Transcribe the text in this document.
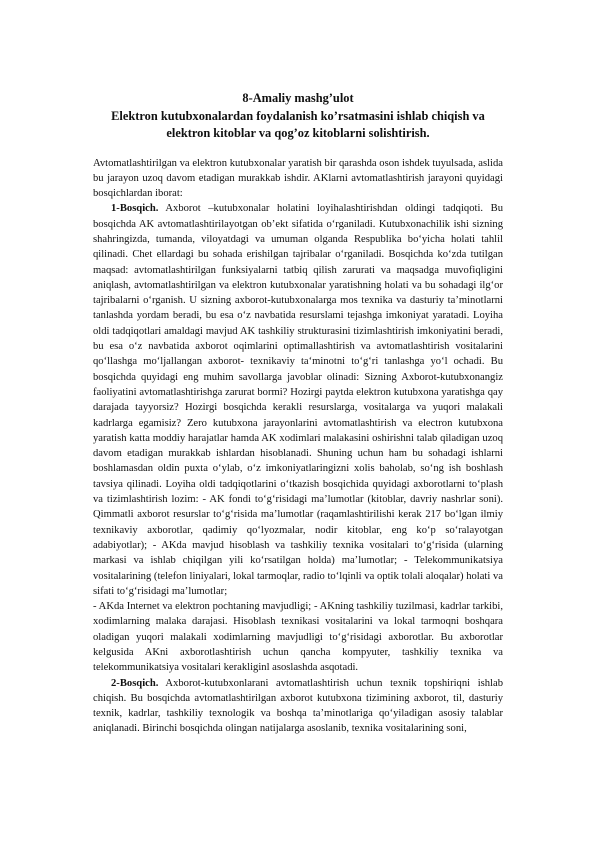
8-Amaliy mashg’ulot
Elektron kutubxonalardan foydalanish ko’rsatmasini ishlab chiqish va
elektron kitoblar va qog’oz kitoblarni solishtirish.

Avtomatlashtirilgan va elektron kutubxonalar yaratish bir qarashda oson ishdek tuyulsada, aslida bu jarayon uzoq davom etadigan murakkab ishdir. AKlarni avtomatlashtirish jarayoni quyidagi bosqichlardan iborat:

1-Bosqich. Axborot –kutubxonalar holatini loyihalashtirishdan oldingi tadqiqoti. Bu bosqichda AK avtomatlashtirilayotgan ob’ekt sifatida o‘rganiladi. Kutubxonachilik ishi sizning shahringizda, tumanda, viloyatdagi va umuman olganda Respublika bo‘yicha holati tahlil qilinadi. Chet ellardagi bu sohada erishilgan tajribalar o‘rganiladi. Bosqichda ko‘zda tutilgan maqsad: avtomatlashtirilgan funksiyalarni tatbiq qilish zarurati va maqsadga muvofiqligini aniqlash, avtomatlashtirilgan va elektron kutubxonalar yaratishning holati va bu sohadagi ilg‘or tajribalarni o‘rganish. U sizning axborot-kutubxonalarga mos texnika va dasturiy ta’minotlarni tanlashda yordam beradi, bu esa o‘z navbatida resurslami tejashga imkoniyat yaratadi. Loyiha oldi tadqiqotlari amaldagi mavjud AK tashkiliy strukturasini tizimlashtirish imkoniyatini beradi, bu esa o‘z navbatida axborot oqimlarini optimallashtirish va avtomatlashtirish vositalarini qo‘llashga mo‘ljallangan axborot- texnikaviy ta‘minotni to‘g‘ri tanlashga yo‘l ochadi. Bu bosqichda quyidagi eng muhim savollarga javoblar olinadi: Sizning Axborot-kutubxonangiz faoliyatini avtomatlashtirishga zarurat bormi? Hozirgi paytda elektron kutubxona yaratishga qay darajada tayyorsiz? Hozirgi bosqichda kerakli resurslarga, vositalarga va yuqori malakali kadrlarga egamisiz? Zero kutubxona jarayonlarini avtomatlashtirish va electron kutubxona yaratish katta moddiy harajatlar hamda AK xodimlari malakasini oshirishni talab qiladigan uzoq davom etadigan murakkab ishlardan hisoblanadi. Shuning uchun ham bu sohadagi ishlarni boshlamasdan oldin puxta o‘ylab, o‘z imkoniyatlaringizni xolis baholab, so‘ng ish boshlash tavsiya qilinadi. Loyiha oldi tadqiqotlarini o‘tkazish bosqichida quyidagi axborotlarni to‘plash va tizimlashtirish lozim: - AK fondi to‘g‘risidagi ma’lumotlar (kitoblar, davriy nashrlar soni). Qimmatli axborot resurslar to‘g‘risida ma’lumotlar (raqamlashtirilishi kerak 217 bo‘lgan ilmiy texnikaviy axborotlar, qadimiy qo‘lyozmalar, nodir kitoblar, eng ko‘p so‘ralayotgan adabiyotlar); - AKda mavjud hisoblash va tashkiliy texnika vositalari to‘g‘risida (ularning markasi va ishlab chiqilgan yili ko‘rsatilgan holda) ma’lumotlar; - Telekommunikatsiya vositalarining (telefon liniyalari, lokal tarmoqlar, radio to‘lqinli va optik tolali aloqalar) holati va sifati to‘g‘risidagi ma’lumotlar;

- AKda Internet va elektron pochtaning mavjudligi; - AKning tashkiliy tuzilmasi, kadrlar tarkibi, xodimlarning malaka darajasi. Hisoblash texnikasi vositalarini va lokal tarmoqni boshqara oladigan yuqori malakali xodimlarning mavjudligi to‘g‘risidagi axborotlar. Bu axborotlar kelgusida AKni axborotlashtirish uchun qancha kompyuter, tashkiliy texnika va telekommunikatsiya vositalari kerakliginl asoslashda asqotadi.

2-Bosqich. Axborot-kutubxonlarani avtomatlashtirish uchun texnik topshiriqni ishlab chiqish. Bu bosqichda avtomatlashtirilgan axborot kutubxona tizimining axborot, til, dasturiy texnik, kadrlar, tashkiliy texnologik va boshqa ta’minotlariga qo‘yiladigan asosiy talablar aniqlanadi. Birinchi bosqichda olingan natijalarga asoslanib, texnika vositalarining soni,
